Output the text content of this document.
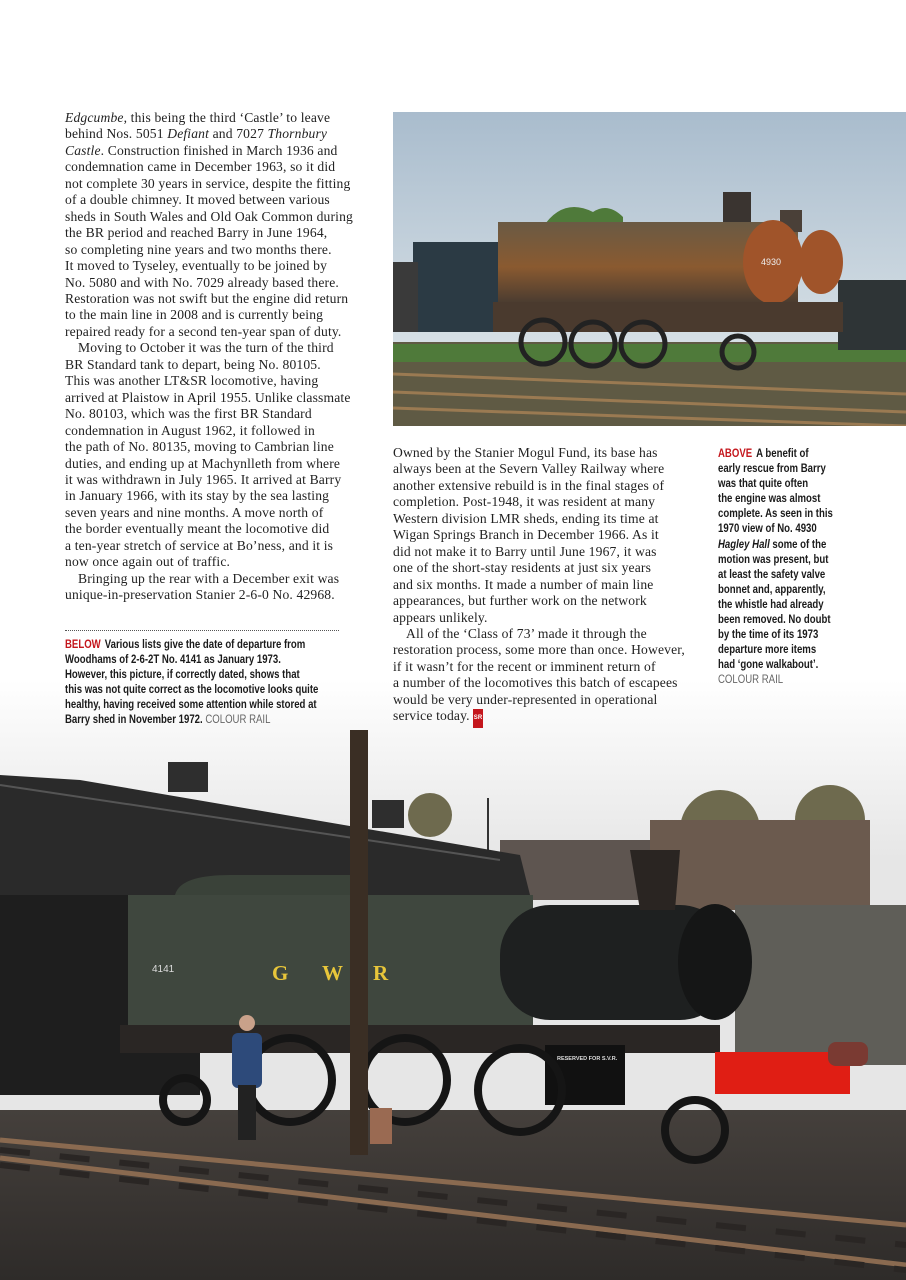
4930
RESERVED FOR S.V.R.
4141	G W R
Edgcumbe, this being the third ‘Castle’ to leave
behind Nos. 5051 Defiant and 7027 Thornbury
Castle. Construction finished in March 1936 and
condemnation came in December 1963, so it did
not complete 30 years in service, despite the fitting
of a double chimney. It moved between various
sheds in South Wales and Old Oak Common during
the BR period and reached Barry in June 1964,
so completing nine years and two months there.
It moved to Tyseley, eventually to be joined by
No. 5080 and with No. 7029 already based there.
Restoration was not swift but the engine did return
to the main line in 2008 and is currently being
repaired ready for a second ten-year span of duty.
Moving to October it was the turn of the third
BR Standard tank to depart, being No. 80105.
This was another LT&SR locomotive, having
arrived at Plaistow in April 1955. Unlike classmate
No. 80103, which was the first BR Standard
condemnation in August 1962, it followed in
the path of No. 80135, moving to Cambrian line
duties, and ending up at Machynlleth from where
it was withdrawn in July 1965. It arrived at Barry
in January 1966, with its stay by the sea lasting
seven years and nine months. A move north of
the border eventually meant the locomotive did
a ten-year stretch of service at Bo’ness, and it is
now once again out of traffic.
Bringing up the rear with a December exit was
unique-in-preservation Stanier 2-6-0 No. 42968.
Owned by the Stanier Mogul Fund, its base has
always been at the Severn Valley Railway where
another extensive rebuild is in the final stages of
completion. Post-1948, it was resident at many
Western division LMR sheds, ending its time at
Wigan Springs Branch in December 1966. As it
did not make it to Barry until June 1967, it was
one of the short-stay residents at just six years
and six months. It made a number of main line
appearances, but further work on the network
appears unlikely.
All of the ‘Class of 73’ made it through the
restoration process, some more than once. However,
if it wasn’t for the recent or imminent return of
a number of the locomotives this batch of escapees
would be very under-represented in operational
service today. SR
BELOW Various lists give the date of departure from
Woodhams of 2-6-2T No. 4141 as January 1973.
However, this picture, if correctly dated, shows that
this was not quite correct as the locomotive looks quite
healthy, having received some attention while stored at
Barry shed in November 1972. COLOUR RAIL
ABOVE A benefit of
early rescue from Barry
was that quite often
the engine was almost
complete. As seen in this
1970 view of No. 4930
Hagley Hall some of the
motion was present, but
at least the safety valve
bonnet and, apparently,
the whistle had already
been removed. No doubt
by the time of its 1973
departure more items
had ‘gone walkabout’.
COLOUR RAIL
